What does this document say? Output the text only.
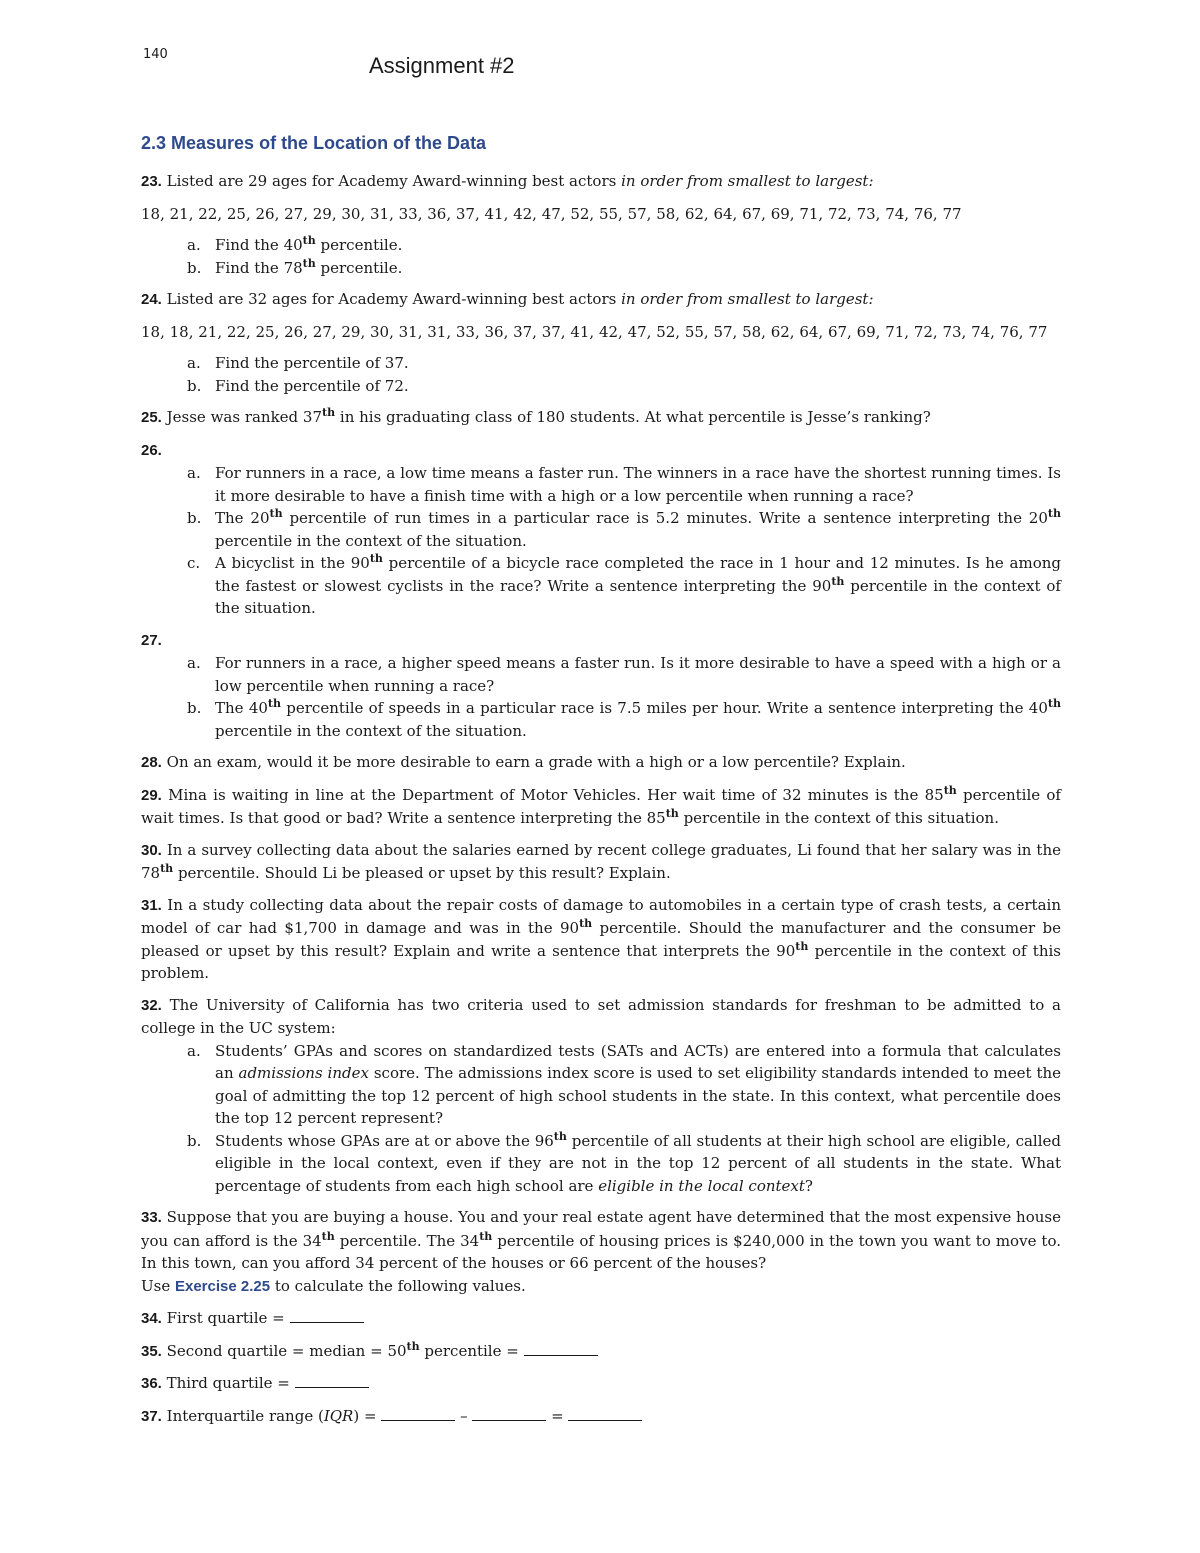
140	Assignment #2
2.3 Measures of the Location of the Data
23. Listed are 29 ages for Academy Award-winning best actors in order from smallest to largest:
18, 21, 22, 25, 26, 27, 29, 30, 31, 33, 36, 37, 41, 42, 47, 52, 55, 57, 58, 62, 64, 67, 69, 71, 72, 73, 74, 76, 77
a. Find the 40th percentile.
b. Find the 78th percentile.
24. Listed are 32 ages for Academy Award-winning best actors in order from smallest to largest:
18, 18, 21, 22, 25, 26, 27, 29, 30, 31, 31, 33, 36, 37, 37, 41, 42, 47, 52, 55, 57, 58, 62, 64, 67, 69, 71, 72, 73, 74, 76, 77
a. Find the percentile of 37.
b. Find the percentile of 72.
25. Jesse was ranked 37th in his graduating class of 180 students. At what percentile is Jesse’s ranking?
26.
a. For runners in a race, a low time means a faster run. The winners in a race have the shortest running times. Is it more desirable to have a finish time with a high or a low percentile when running a race?
b. The 20th percentile of run times in a particular race is 5.2 minutes. Write a sentence interpreting the 20th percentile in the context of the situation.
c. A bicyclist in the 90th percentile of a bicycle race completed the race in 1 hour and 12 minutes. Is he among the fastest or slowest cyclists in the race? Write a sentence interpreting the 90th percentile in the context of the situation.
27.
a. For runners in a race, a higher speed means a faster run. Is it more desirable to have a speed with a high or a low percentile when running a race?
b. The 40th percentile of speeds in a particular race is 7.5 miles per hour. Write a sentence interpreting the 40th percentile in the context of the situation.
28. On an exam, would it be more desirable to earn a grade with a high or a low percentile? Explain.
29. Mina is waiting in line at the Department of Motor Vehicles. Her wait time of 32 minutes is the 85th percentile of wait times. Is that good or bad? Write a sentence interpreting the 85th percentile in the context of this situation.
30. In a survey collecting data about the salaries earned by recent college graduates, Li found that her salary was in the 78th percentile. Should Li be pleased or upset by this result? Explain.
31. In a study collecting data about the repair costs of damage to automobiles in a certain type of crash tests, a certain model of car had $1,700 in damage and was in the 90th percentile. Should the manufacturer and the consumer be pleased or upset by this result? Explain and write a sentence that interprets the 90th percentile in the context of this problem.
32. The University of California has two criteria used to set admission standards for freshman to be admitted to a college in the UC system:
a. Students’ GPAs and scores on standardized tests (SATs and ACTs) are entered into a formula that calculates an admissions index score. The admissions index score is used to set eligibility standards intended to meet the goal of admitting the top 12 percent of high school students in the state. In this context, what percentile does the top 12 percent represent?
b. Students whose GPAs are at or above the 96th percentile of all students at their high school are eligible, called eligible in the local context, even if they are not in the top 12 percent of all students in the state. What percentage of students from each high school are eligible in the local context?
33. Suppose that you are buying a house. You and your real estate agent have determined that the most expensive house you can afford is the 34th percentile. The 34th percentile of housing prices is $240,000 in the town you want to move to. In this town, can you afford 34 percent of the houses or 66 percent of the houses?
Use Exercise 2.25 to calculate the following values.
34. First quartile =
35. Second quartile = median = 50th percentile =
36. Third quartile =
37. Interquartile range (IQR) =	–	=
